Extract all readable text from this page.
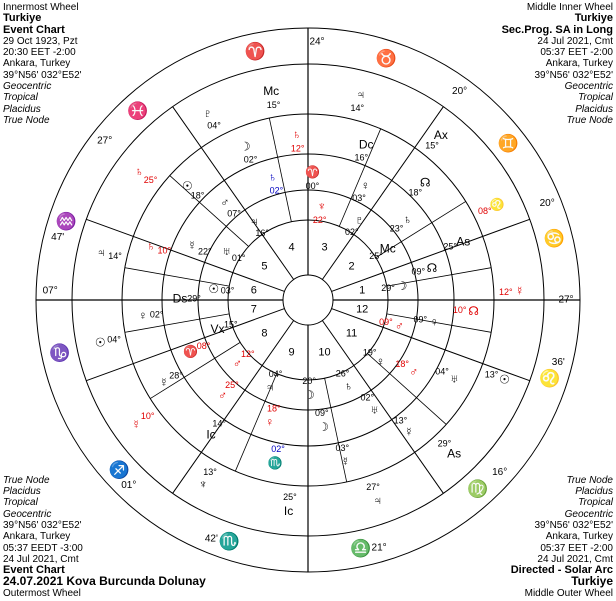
Innermost Wheel
Turkiye
Event Chart
29 Oct 1923, Pzt
20:30 EET -2:00
Ankara, Turkey
39°N56' 032°E52'
Geocentric
Tropical
Placidus
True Node
Middle Inner Wheel
Turkiye
Sec.Prog. SA in Long
24 Jul 2021, Cmt
05:37 EET -2:00
Ankara, Turkey
39°N56' 032°E52'
Geocentric
Tropical
Placidus
True Node
True Node
Placidus
Tropical
Geocentric
39°N56' 032°E52'
Ankara, Turkey
05:37 EEDT -3:00
24 Jul 2021, Cmt
Event Chart
24.07.2021 Kova Burcunda Dolunay
Outermost Wheel
True Node
Placidus
Tropical
Geocentric
39°N56' 032°E52'
Ankara, Turkey
05:37 EET -2:00
24 Jul 2021, Cmt
Directed - Solar Arc
Turkiye
Middle Outer Wheel
♈	♉
♊
♋
♌
♍
♎
♏
♐
♑
♒
♓
24°
20°
20°
27°
36'
16°
21°
42'
01°
07°
47'
27°
1
2
3
4
5
6
7
8
9 10
11
12
Mc
15°
♄
12°
♈
00°
♆
22°
♃
14°
Dc
16°
♀
03°
♇
02°
Ax
15°
☊
18°
♄
23°
Mc
25°
♌
08°
As
25°
☊
09°
☽
29°	☿
12°
☊
10°
♀
09°
♂
09°
☉
13°
♅
04°
♂
18°
♀
19°
As
29°
☿
13°
♅
02°
♄
26°
♃
27°
☿
03°
☽
09°
☽
20°
Ic
25°
♏
02°
♀
18°
♃
04°
♆
13°
Ic
14°
♂
25°
♂
12°
☿
10°
☿ 28°
♈
08°
Vx 15°
☉ 04°
♀ 02°
Ds 29°
☉ 03°
♃ 14°
♄ 10° ☿ 22° ♅
01°
♄
25° ☉
18°
♂
07°
♃
16°
♇
04°
☽
02°
♄
02°
